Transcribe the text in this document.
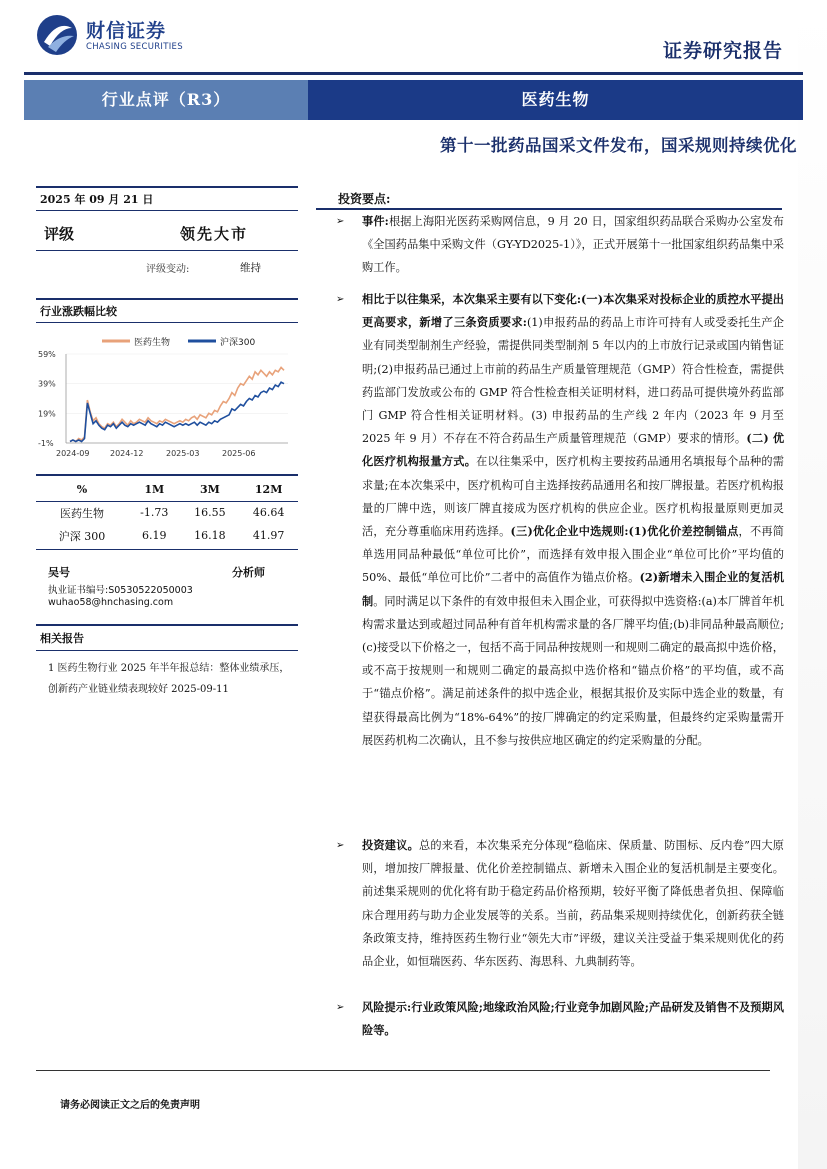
财信证券
CHASING SECURITIES	证券研究报告
行业点评（R3）	医药生物
第十一批药品国采文件发布，国采规则持续优化
2025 年 09 月 21 日
评级	领先大市
评级变动:	维持
行业涨跌幅比较
医药生物	沪深300
59%
39%
19%
-1%
2024-09	2024-12	2025-03	2025-06
%	1M	3M	12M
医药生物	-1.73	16.55	46.64
沪深 300	6.19	16.18	41.97
吴号	分析师
执业证书编号:S0530522050003
wuhao58@hnchasing.com
相关报告
1 医药生物行业 2025 年半年报总结：整体业绩承压，创新药产业链业绩表现较好 2025-09-11
投资要点:
➢ 事件:根据上海阳光医药采购网信息，9 月 20 日，国家组织药品联合采购办公室发布《全国药品集中采购文件（GY-YD2025-1）》，正式开展第十一批国家组织药品集中采购工作。
➢ 相比于以往集采，本次集采主要有以下变化:(一)本次集采对投标企业的质控水平提出更高要求，新增了三条资质要求:(1)申报药品的药品上市许可持有人或受委托生产企业有同类型制剂生产经验，需提供同类型制剂 5 年以内的上市放行记录或国内销售证明;(2)申报药品已通过上市前的药品生产质量管理规范（GMP）符合性检查，需提供药监部门发放或公布的 GMP 符合性检查相关证明材料，进口药品可提供境外药监部门 GMP 符合性相关证明材料。(3) 申报药品的生产线 2 年内（2023 年 9 月至 2025 年 9 月）不存在不符合药品生产质量管理规范（GMP）要求的情形。(二) 优化医疗机构报量方式。在以往集采中，医疗机构主要按药品通用名填报每个品种的需求量;在本次集采中，医疗机构可自主选择按药品通用名和按厂牌报量。若医疗机构报量的厂牌中选，则该厂牌直接成为医疗机构的供应企业。医疗机构报量原则更加灵活，充分尊重临床用药选择。(三)优化企业中选规则:(1)优化价差控制锚点，不再简单选用同品种最低“单位可比价”，而选择有效申报入围企业“单位可比价”平均值的 50%、最低“单位可比价”二者中的高值作为锚点价格。(2)新增未入围企业的复活机制。同时满足以下条件的有效申报但未入围企业，可获得拟中选资格:(a)本厂牌首年机构需求量达到或超过同品种有首年机构需求量的各厂牌平均值;(b)非同品种最高顺位;(c)接受以下价格之一，包括不高于同品种按规则一和规则二确定的最高拟中选价格，或不高于按规则一和规则二确定的最高拟中选价格和“锚点价格”的平均值，或不高于“锚点价格”。满足前述条件的拟中选企业，根据其报价及实际中选企业的数量，有望获得最高比例为“18%-64%”的按厂牌确定的约定采购量，但最终约定采购量需开展医药机构二次确认，且不参与按供应地区确定的约定采购量的分配。
➢ 投资建议。总的来看，本次集采充分体现“稳临床、保质量、防围标、反内卷”四大原则，增加按厂牌报量、优化价差控制锚点、新增未入围企业的复活机制是主要变化。前述集采规则的优化将有助于稳定药品价格预期，较好平衡了降低患者负担、保障临床合理用药与助力企业发展等的关系。当前，药品集采规则持续优化，创新药获全链条政策支持，维持医药生物行业“领先大市”评级，建议关注受益于集采规则优化的药品企业，如恒瑞医药、华东医药、海思科、九典制药等。
➢ 风险提示:行业政策风险;地缘政治风险;行业竞争加剧风险;产品研发及销售不及预期风险等。
请务必阅读正文之后的免责声明
